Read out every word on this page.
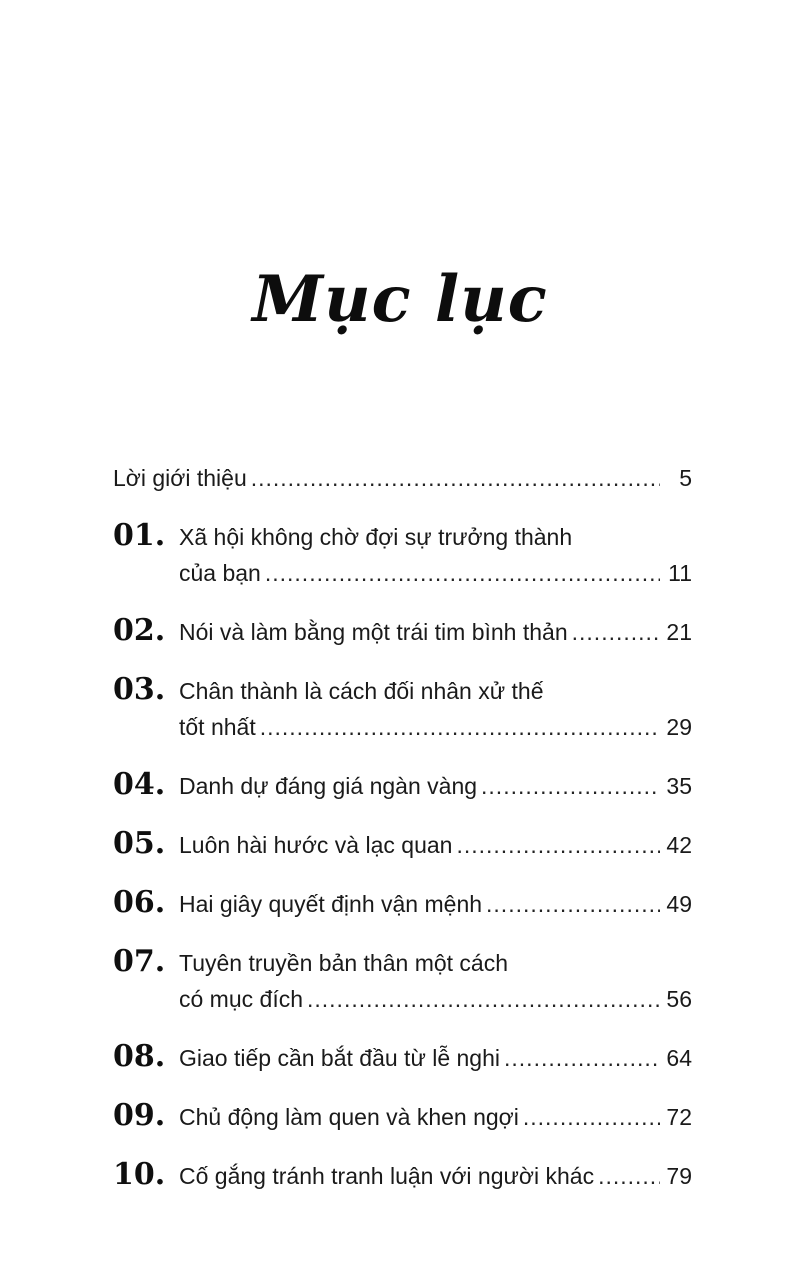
Mục lục
Lời giới thiệu .....	5
01. Xã hội không chờ đợi sự trưởng thành
của bạn .....	11
02. Nói và làm bằng một trái tim bình thản .....	21
03. Chân thành là cách đối nhân xử thế
tốt nhất .....	29
04. Danh dự đáng giá ngàn vàng .....	35
05. Luôn hài hước và lạc quan .....	42
06. Hai giây quyết định vận mệnh .....	49
07. Tuyên truyền bản thân một cách
có mục đích .....	56
08. Giao tiếp cần bắt đầu từ lễ nghi .....	64
09. Chủ động làm quen và khen ngợi .....	72
10. Cố gắng tránh tranh luận với người khác .....	79
